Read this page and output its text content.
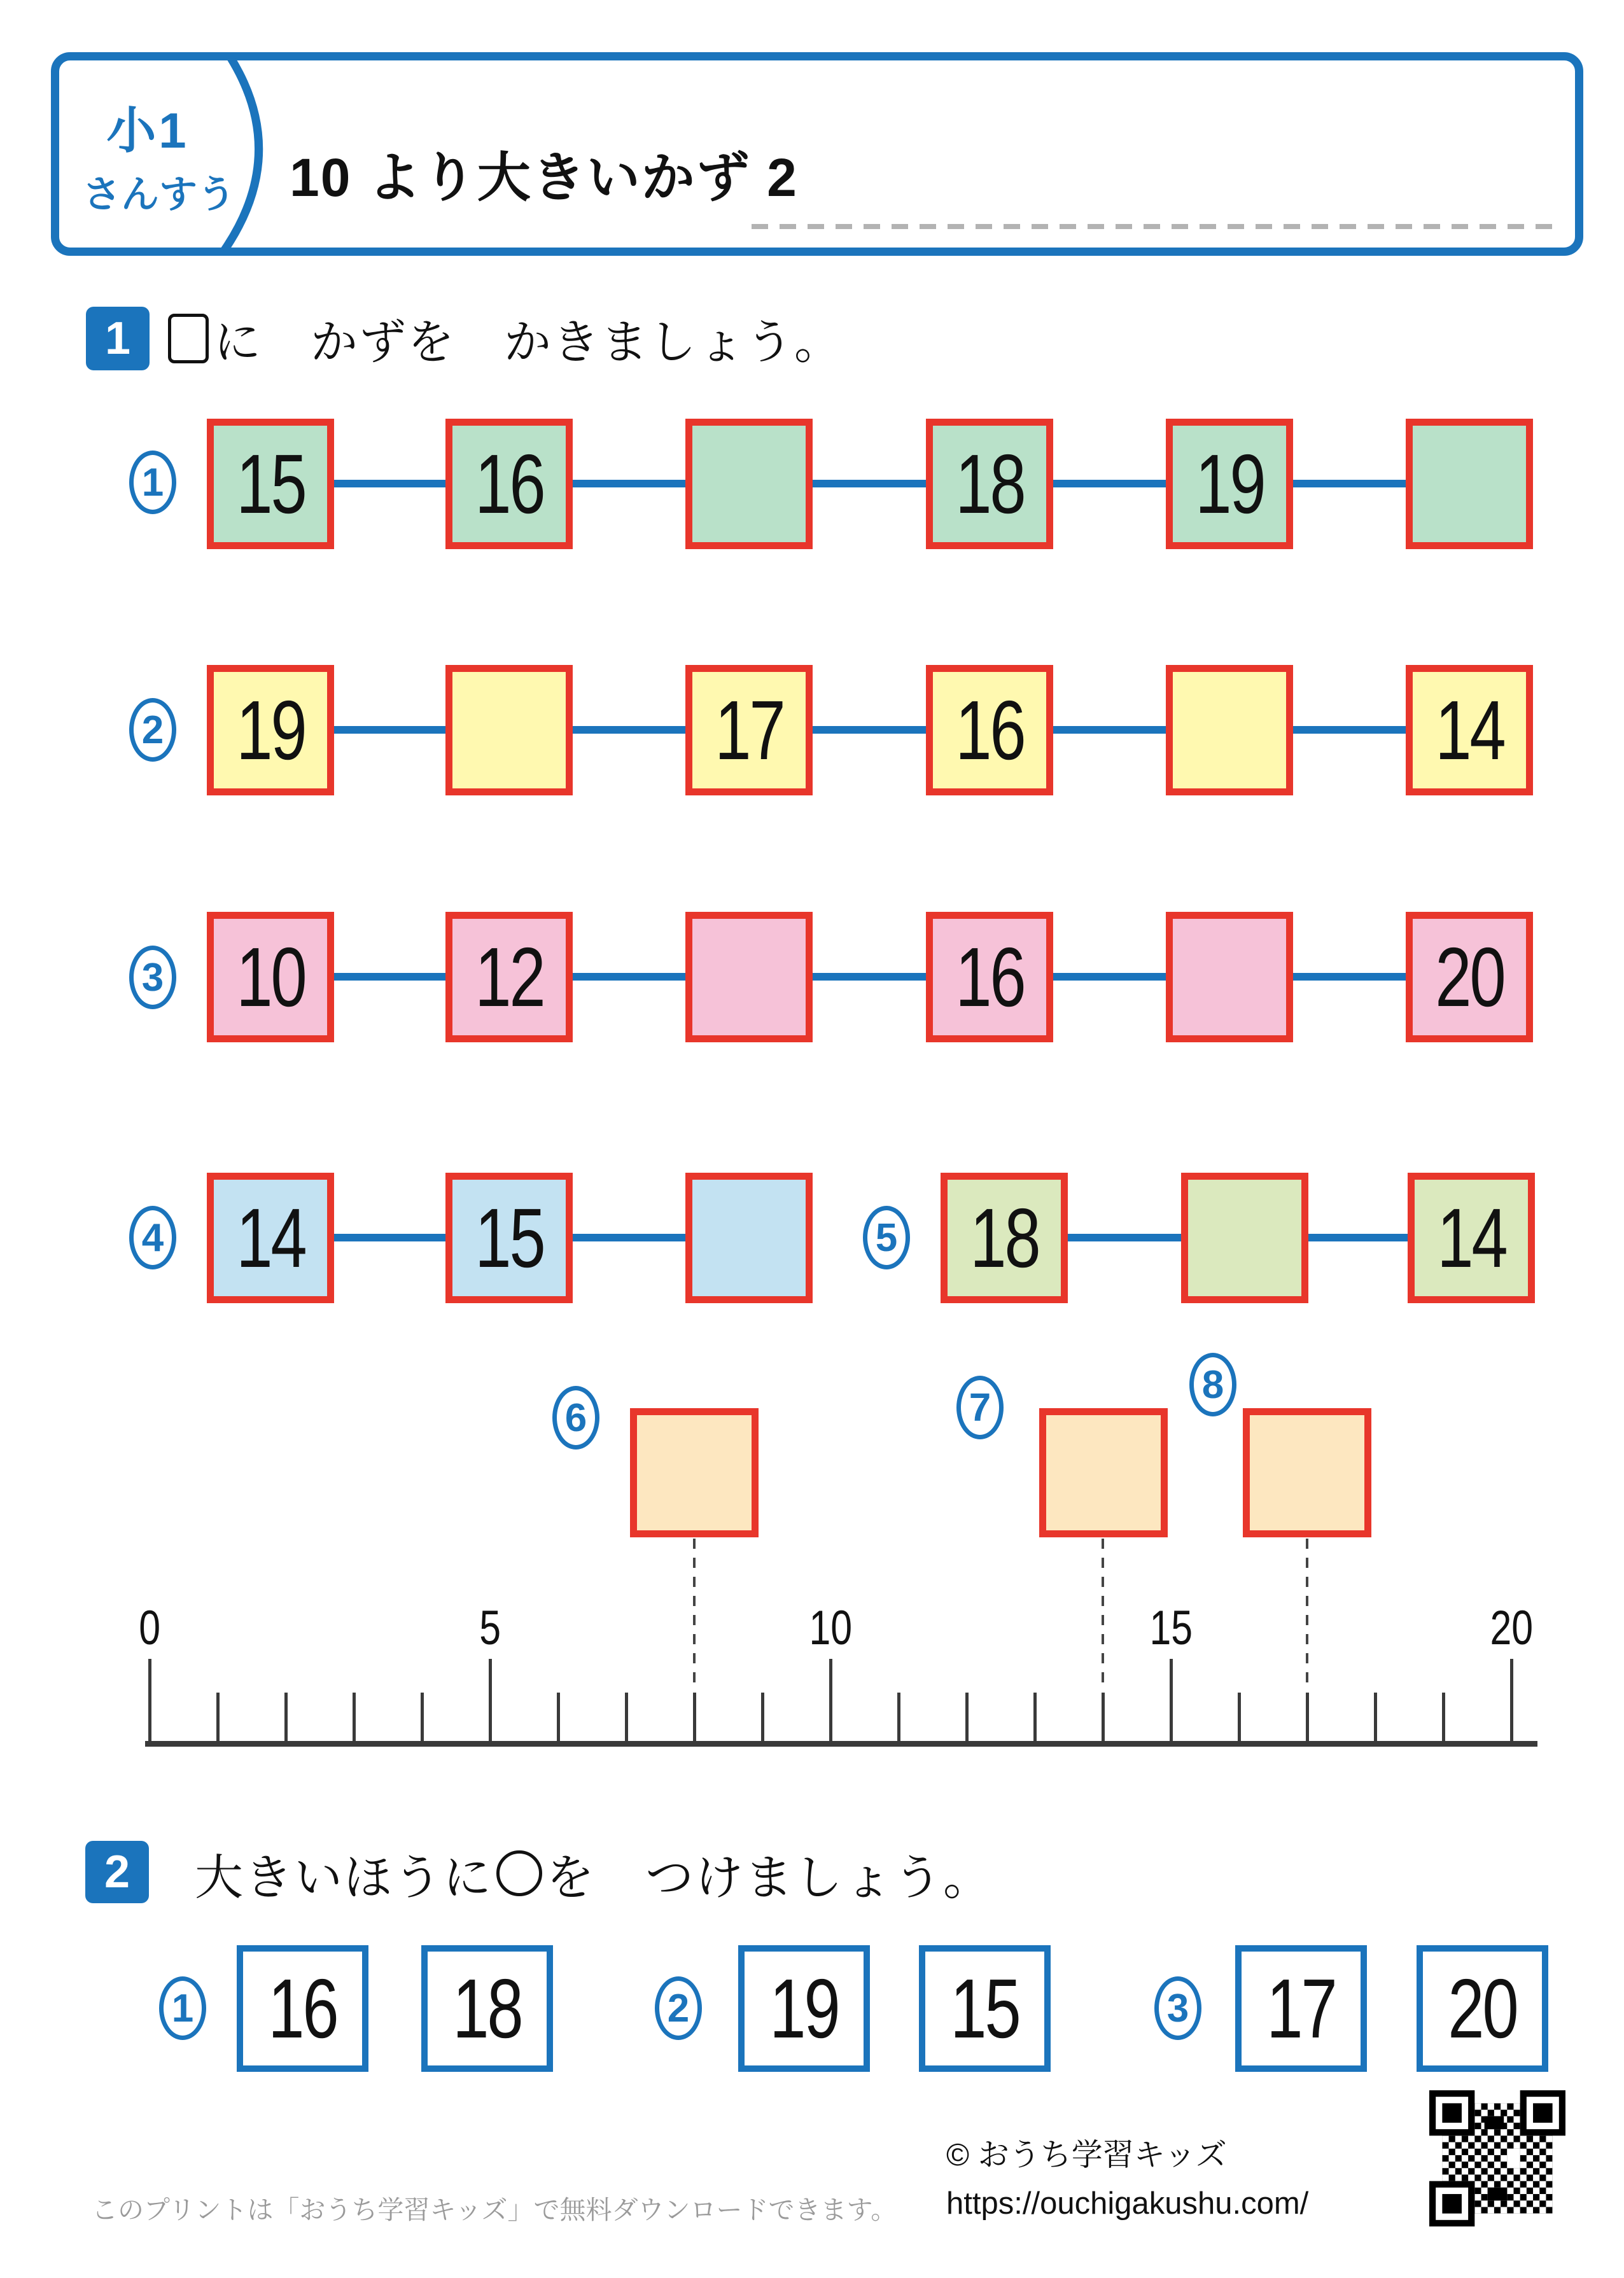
小1
さんすう 10 より大きいかず 2
1	に　かずを　かきましょう。
1 15 16	18 19
2 19	17 16	14
3 10 12	16	20
4 14 15	5 18	14
6	7
8
0	5	10	15	20
2	大きいほうに ○
を　つけましょう。
1 16 18	2 19 15	3 17 20
© おうち学習キッズ
https://ouchigakushu.com/
このプリントは「おうち学習キッズ」で無料ダウンロードできます。
